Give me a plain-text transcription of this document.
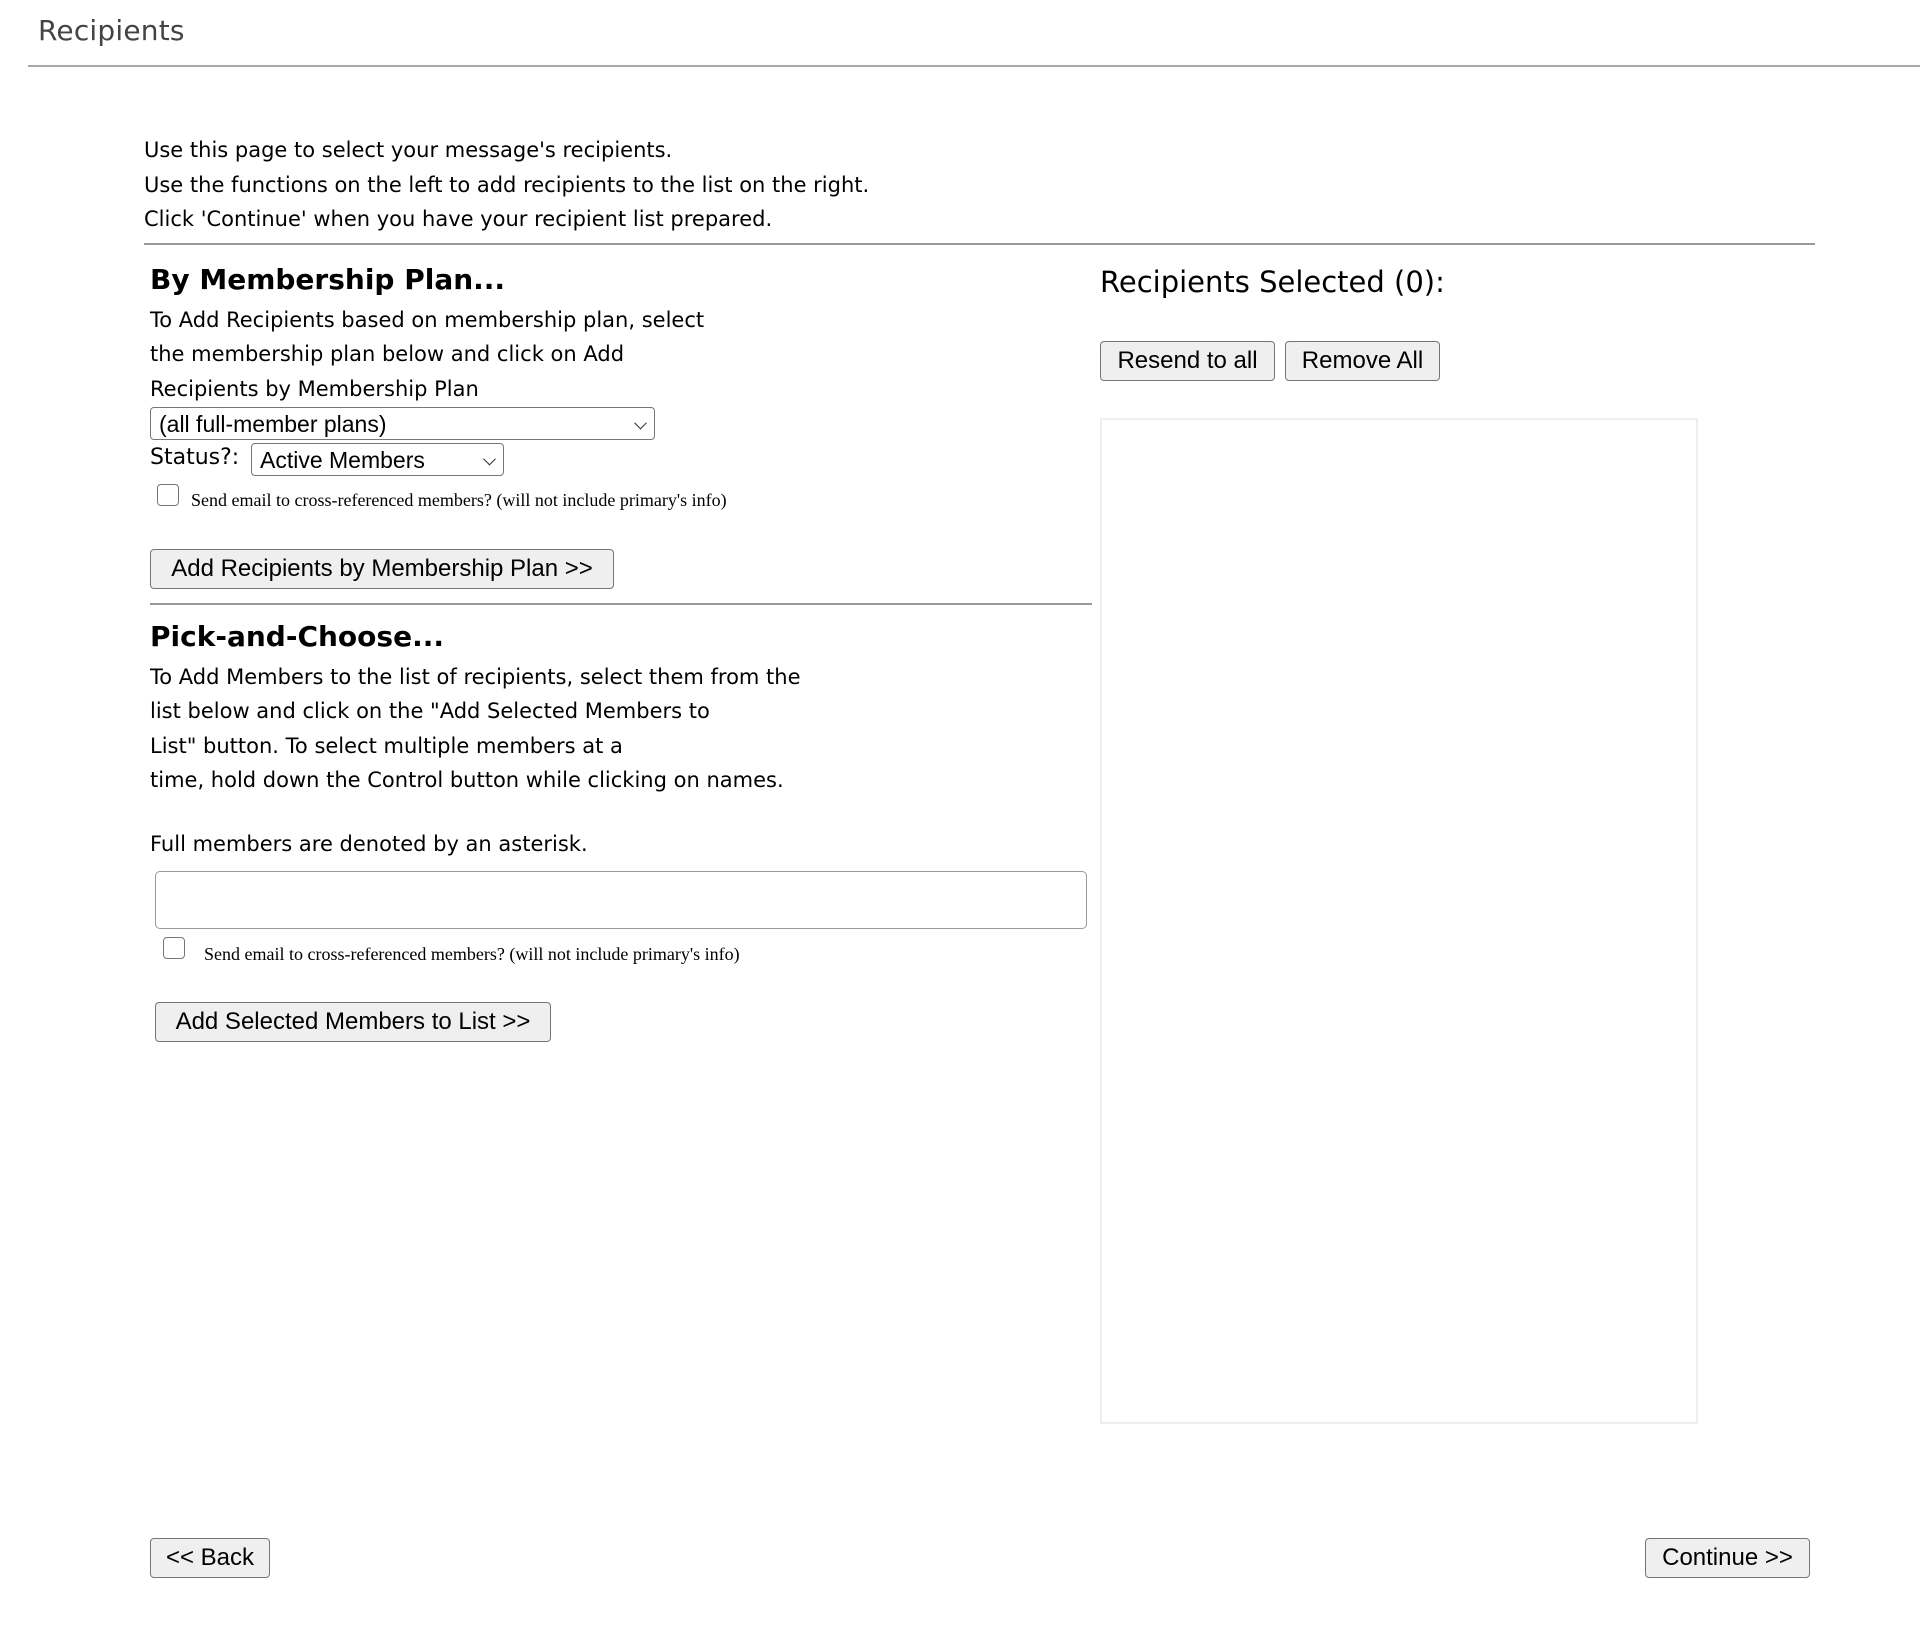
Recipients
Use this page to select your message's recipients.
Use the functions on the left to add recipients to the list on the right.
Click 'Continue' when you have your recipient list prepared.
By Membership Plan...
To Add Recipients based on membership plan, select
the membership plan below and click on Add
Recipients by Membership Plan
(all full-member plans)
Status?:
Active Members
Send email to cross-referenced members? (will not include primary's info)
Add Recipients by Membership Plan >>
Pick-and-Choose...
To Add Members to the list of recipients, select them from the
list below and click on the "Add Selected Members to
List" button. To select multiple members at a
time, hold down the Control button while clicking on names.
Full members are denoted by an asterisk.
Send email to cross-referenced members? (will not include primary's info)
Add Selected Members to List >>
Recipients Selected (0):
Resend to all	Remove All
<< Back	Continue >>
